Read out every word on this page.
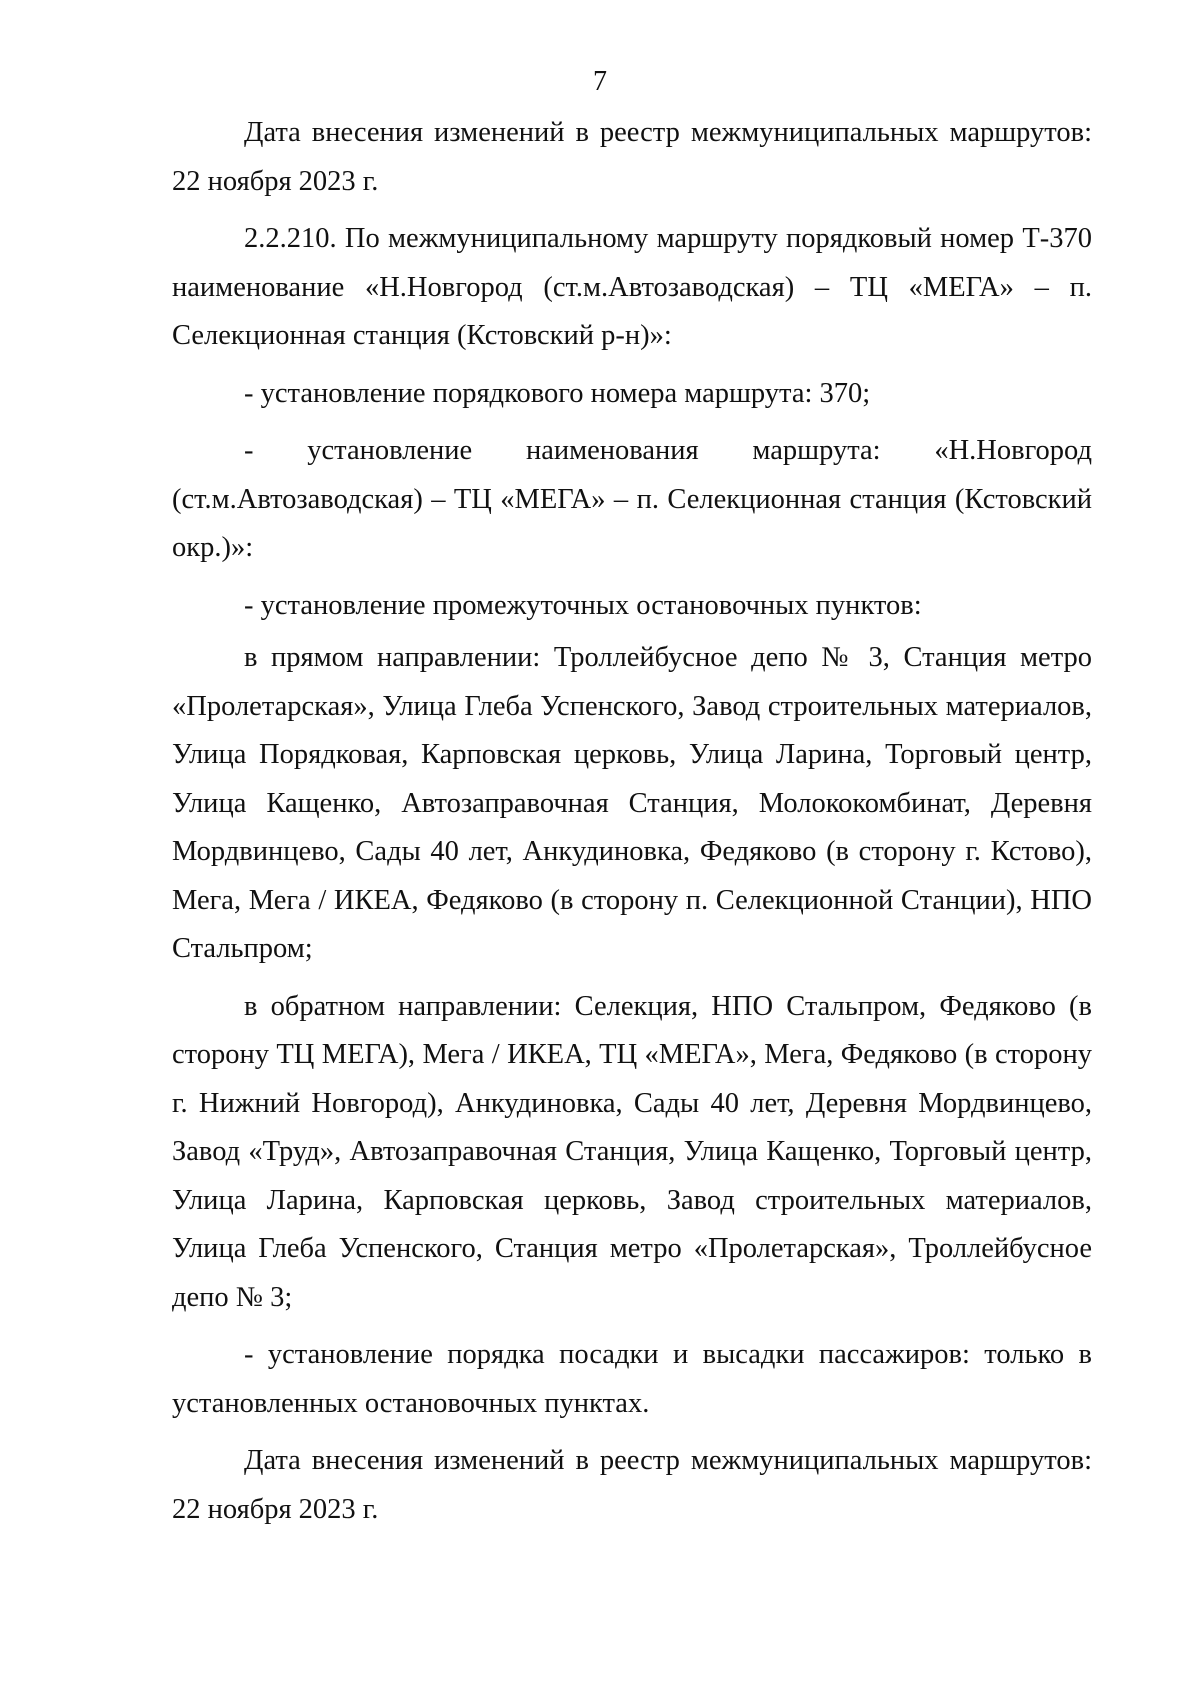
7

Дата внесения изменений в реестр межмуниципальных маршрутов: 22 ноября 2023 г.

2.2.210. По межмуниципальному маршруту порядковый номер Т-370 наименование «Н.Новгород (ст.м.Автозаводская) – ТЦ «МЕГА» – п. Селекционная станция (Кстовский р-н)»:

- установление порядкового номера маршрута: 370;

- установление наименования маршрута: «Н.Новгород (ст.м.Автозаводская) – ТЦ «МЕГА» – п. Селекционная станция (Кстовский окр.)»:

- установление промежуточных остановочных пунктов:

в прямом направлении: Троллейбусное депо № 3, Станция метро «Пролетарская», Улица Глеба Успенского, Завод строительных материалов, Улица Порядковая, Карповская церковь, Улица Ларина, Торговый центр, Улица Кащенко, Автозаправочная Станция, Молококомбинат, Деревня Мордвинцево, Сады 40 лет, Анкудиновка, Федяково (в сторону г. Кстово), Мега, Мега / ИКЕА, Федяково (в сторону п. Селекционной Станции), НПО Стальпром;

в обратном направлении: Селекция, НПО Стальпром, Федяково (в сторону ТЦ МЕГА), Мега / ИКЕА, ТЦ «МЕГА», Мега, Федяково (в сторону г. Нижний Новгород), Анкудиновка, Сады 40 лет, Деревня Мордвинцево, Завод «Труд», Автозаправочная Станция, Улица Кащенко, Торговый центр, Улица Ларина, Карповская церковь, Завод строительных материалов, Улица Глеба Успенского, Станция метро «Пролетарская», Троллейбусное депо № 3;

- установление порядка посадки и высадки пассажиров: только в установленных остановочных пунктах.

Дата внесения изменений в реестр межмуниципальных маршрутов: 22 ноября 2023 г.
